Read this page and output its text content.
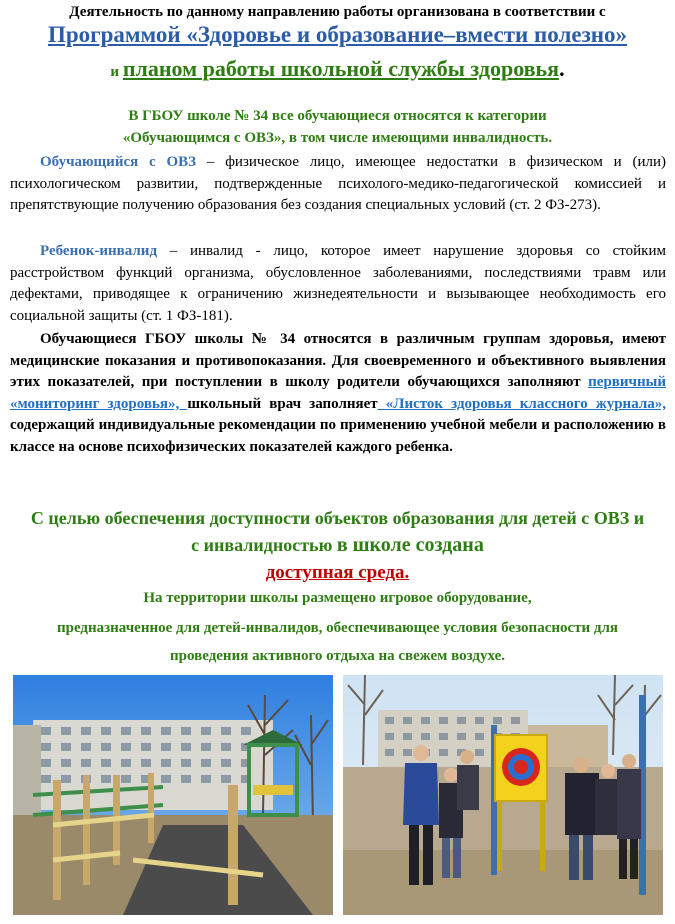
Деятельность по данному направлению работы организована в соответствии с
Программой «Здоровье и образование–вмести полезно»
и планом работы школьной службы здоровья.
В ГБОУ школе № 34 все обучающиеся относятся к категории
«Обучающимся с ОВЗ», в том числе имеющими инвалидность.
Обучающийся с ОВЗ – физическое лицо, имеющее недостатки в физическом и (или) психологическом развитии, подтвержденные психолого-медико-педагогической комиссией и препятствующие получению образования без создания специальных условий (ст. 2 ФЗ-273).
Ребенок-инвалид – инвалид - лицо, которое имеет нарушение здоровья со стойким расстройством функций организма, обусловленное заболеваниями, последствиями травм или дефектами, приводящее к ограничению жизнедеятельности и вызывающее необходимость его социальной защиты (ст. 1 ФЗ-181).
Обучающиеся ГБОУ школы № 34 относятся в различным группам здоровья, имеют медицинские показания и противопоказания. Для своевременного и объективного выявления этих показателей, при поступлении в школу родители обучающихся заполняют первичный «мониторинг здоровья», школьный врач заполняет «Листок здоровья классного журнала», содержащий индивидуальные рекомендации по применению учебной мебели и расположению в классе на основе психофизических показателей каждого ребенка.
С целью обеспечения доступности объектов образования для детей с ОВЗ и
с инвалидностью в школе создана
доступная среда.
На территории школы размещено игровое оборудование,
предназначенное для детей-инвалидов, обеспечивающее условия безопасности для
проведения активного отдыха на свежем воздухе.
